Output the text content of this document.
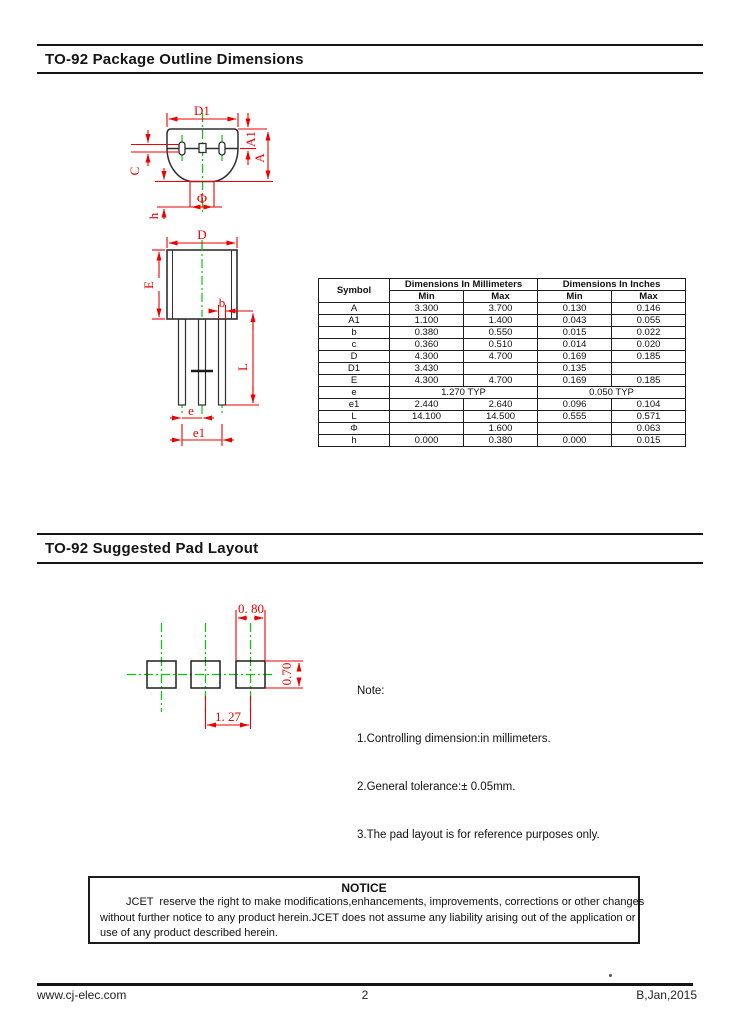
TO-92 Package Outline Dimensions
D1
A1
A
C
h
Φ
D
E
b
L
e
e1
Symbol	Dimensions In Millimeters		Dimensions In Inches	
	Min	Max	Min	Max
A	3.300	3.700	0.130	0.146
A1	1.100	1.400	0.043	0.055
b	0.380	0.550	0.015	0.022
c	0.360	0.510	0.014	0.020
D	4.300	4.700	0.169	0.185
D1	3.430		0.135	
E	4.300	4.700	0.169	0.185
e	1.270 TYP		0.050 TYP	
e1	2.440	2.640	0.096	0.104
L	14.100	14.500	0.555	0.571
Φ		1.600		0.063
h	0.000	0.380	0.000	0.015
TO-92 Suggested Pad Layout
0. 80
0.70
1. 27

Note:

1.Controlling dimension:in millimeters.

2.General tolerance:± 0.05mm.

3.The pad layout is for reference purposes only.

NOTICE
JCET  reserve the right to make modifications,enhancements, improvements, corrections or other changes
without further notice to any product herein.JCET does not assume any liability arising out of the application or
use of any product described herein.
www.cj-elec.com	2	B,Jan,2015
